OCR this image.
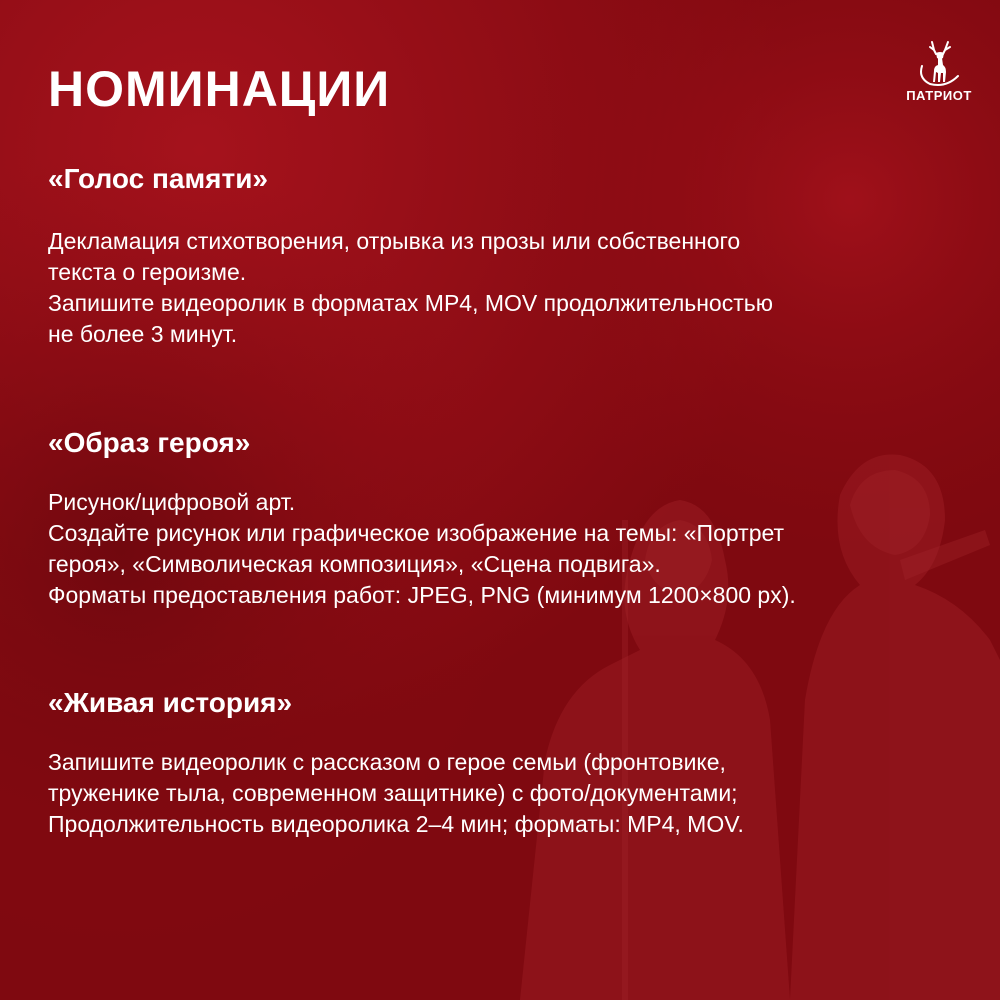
НОМИНАЦИИ	ПАТРИОТ
«Голос памяти»

Декламация стихотворения, отрывка из прозы или собственного
текста о героизме.
Запишите видеоролик в форматах MP4, MOV продолжительностью
не более 3 минут.

«Образ героя»

Рисунок/цифровой арт.
Создайте рисунок или графическое изображение на темы: «Портрет
героя», «Символическая композиция», «Сцена подвига».
Форматы предоставления работ: JPEG, PNG (минимум 1200×800 px).

«Живая история»

Запишите видеоролик с рассказом о герое семьи (фронтовике,
труженике тыла, современном защитнике) с фото/документами;
Продолжительность видеоролика 2–4 мин; форматы: MP4, MOV.
